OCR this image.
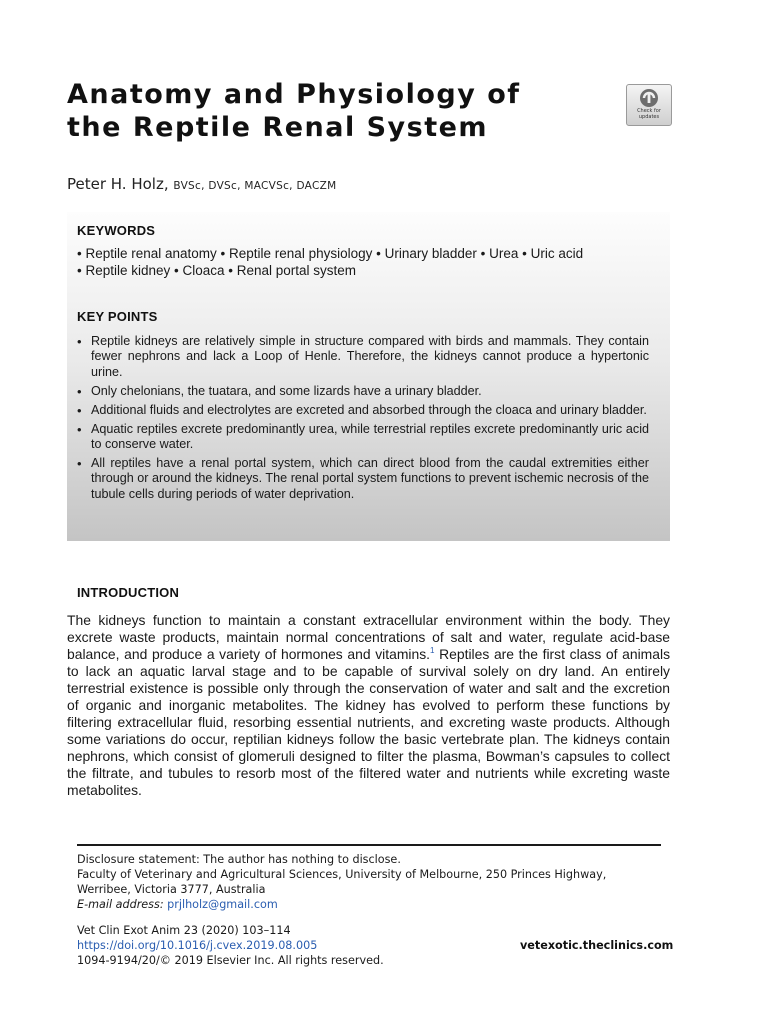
Anatomy and Physiology of
the Reptile Renal System
Check for
updates
Peter H. Holz, BVSc, DVSc, MACVSc, DACZM
KEYWORDS
• Reptile renal anatomy • Reptile renal physiology • Urinary bladder • Urea • Uric acid
• Reptile kidney • Cloaca • Renal portal system
KEY POINTS
• Reptile kidneys are relatively simple in structure compared with birds and mammals. They contain fewer nephrons and lack a Loop of Henle. Therefore, the kidneys cannot produce a hypertonic urine.
• Only chelonians, the tuatara, and some lizards have a urinary bladder.
• Additional fluids and electrolytes are excreted and absorbed through the cloaca and urinary bladder.
• Aquatic reptiles excrete predominantly urea, while terrestrial reptiles excrete predominantly uric acid to conserve water.
• All reptiles have a renal portal system, which can direct blood from the caudal extremities either through or around the kidneys. The renal portal system functions to prevent ischemic necrosis of the tubule cells during periods of water deprivation.
INTRODUCTION

The kidneys function to maintain a constant extracellular environment within the body. They excrete waste products, maintain normal concentrations of salt and water, regulate acid-base balance, and produce a variety of hormones and vitamins.$^1$ Reptiles are the first class of animals to lack an aquatic larval stage and to be capable of survival solely on dry land. An entirely terrestrial existence is possible only through the conservation of water and salt and the excretion of organic and inorganic metabolites. The kidney has evolved to perform these functions by filtering extracellular fluid, resorbing essential nutrients, and excreting waste products. Although some variations do occur, reptilian kidneys follow the basic vertebrate plan. The kidneys contain nephrons, which consist of glomeruli designed to filter the plasma, Bowman’s capsules to collect the filtrate, and tubules to resorb most of the filtered water and nutrients while excreting waste metabolites.

Disclosure statement: The author has nothing to disclose.
Faculty of Veterinary and Agricultural Sciences, University of Melbourne, 250 Princes Highway,
Werribee, Victoria 3777, Australia
E-mail address: prjlholz@gmail.com
Vet Clin Exot Anim 23 (2020) 103–114
https://doi.org/10.1016/j.cvex.2019.08.005
1094-9194/20/© 2019 Elsevier Inc. All rights reserved.
vetexotic.theclinics.com
